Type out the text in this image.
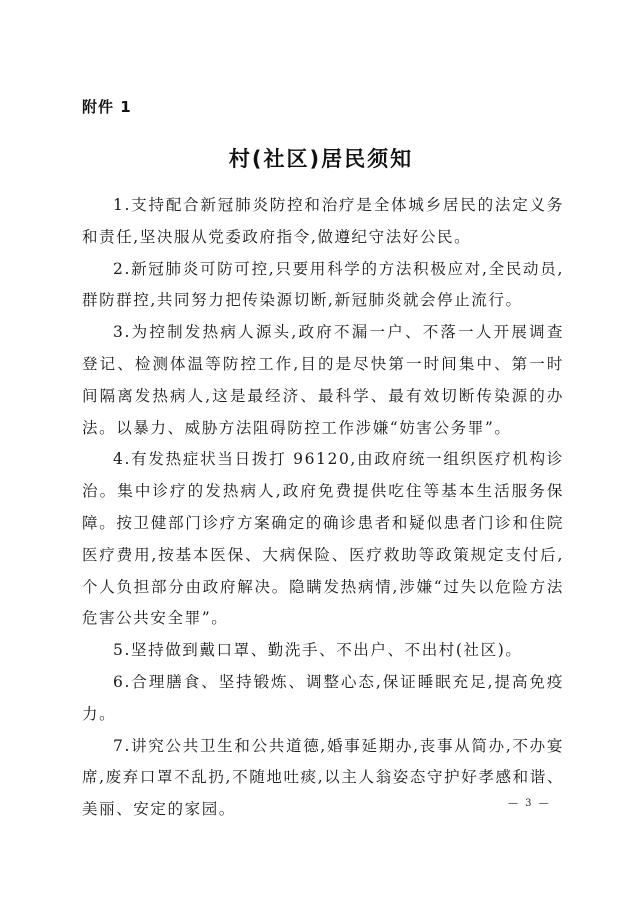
附件 1
村(社区)居民须知

1.支持配合新冠肺炎防控和治疗是全体城乡居民的法定义务和责任,坚决服从党委政府指令,做遵纪守法好公民。

2.新冠肺炎可防可控,只要用科学的方法积极应对,全民动员,群防群控,共同努力把传染源切断,新冠肺炎就会停止流行。

3.为控制发热病人源头,政府不漏一户、不落一人开展调查登记、检测体温等防控工作,目的是尽快第一时间集中、第一时间隔离发热病人,这是最经济、最科学、最有效切断传染源的办法。以暴力、威胁方法阻碍防控工作涉嫌“妨害公务罪”。

4.有发热症状当日拨打 96120,由政府统一组织医疗机构诊治。集中诊疗的发热病人,政府免费提供吃住等基本生活服务保障。按卫健部门诊疗方案确定的确诊患者和疑似患者门诊和住院医疗费用,按基本医保、大病保险、医疗救助等政策规定支付后,个人负担部分由政府解决。隐瞒发热病情,涉嫌“过失以危险方法危害公共安全罪”。

5.坚持做到戴口罩、勤洗手、不出户、不出村(社区)。

6.合理膳食、坚持锻炼、调整心态,保证睡眠充足,提高免疫力。

7.讲究公共卫生和公共道德,婚事延期办,丧事从简办,不办宴席,废弃口罩不乱扔,不随地吐痰,以主人翁姿态守护好孝感和谐、美丽、安定的家园。	— 3 —
